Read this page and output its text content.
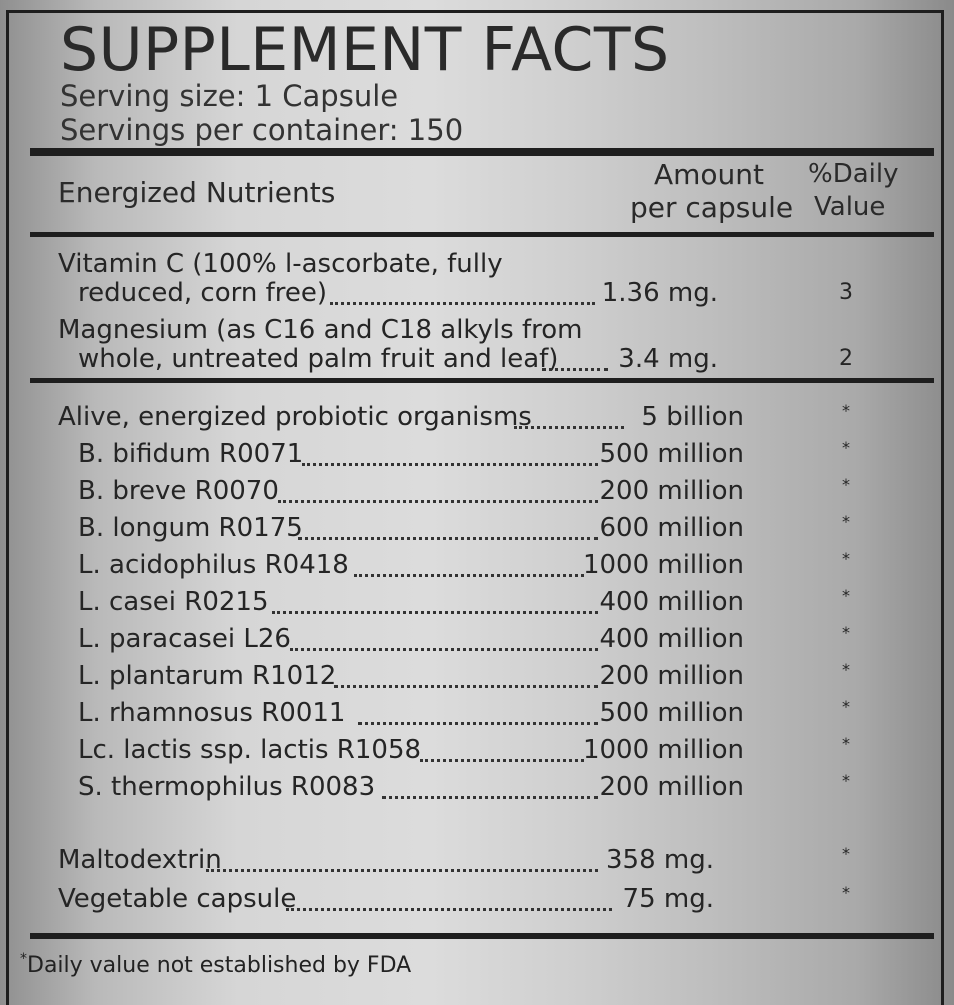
SUPPLEMENT FACTS
Serving size: 1 Capsule
Servings per container: 150
Energized Nutrients
Amount
per capsule
%Daily
Value
Vitamin C (100% l-ascorbate, fully
reduced, corn free)	1.36 mg.	3
Magnesium (as C16 and C18 alkyls from
whole, untreated palm fruit and leaf) 3.4 mg.	2
Alive, energized probiotic organisms	5 billion	*
B. bifidum R0071	500 million	*
B. breve R0070	200 million	*
B. longum R0175	600 million	*
L. acidophilus R0418	1000 million	*
L. casei R0215	400 million	*
L. paracasei L26	400 million	*
L. plantarum R1012	200 million	*
L. rhamnosus R0011	500 million	*
Lc. lactis ssp. lactis R1058	1000 million	*
S. thermophilus R0083	200 million	*
Maltodextrin	358 mg.	*
Vegetable capsule	75 mg.	*
*Daily value not established by FDA
